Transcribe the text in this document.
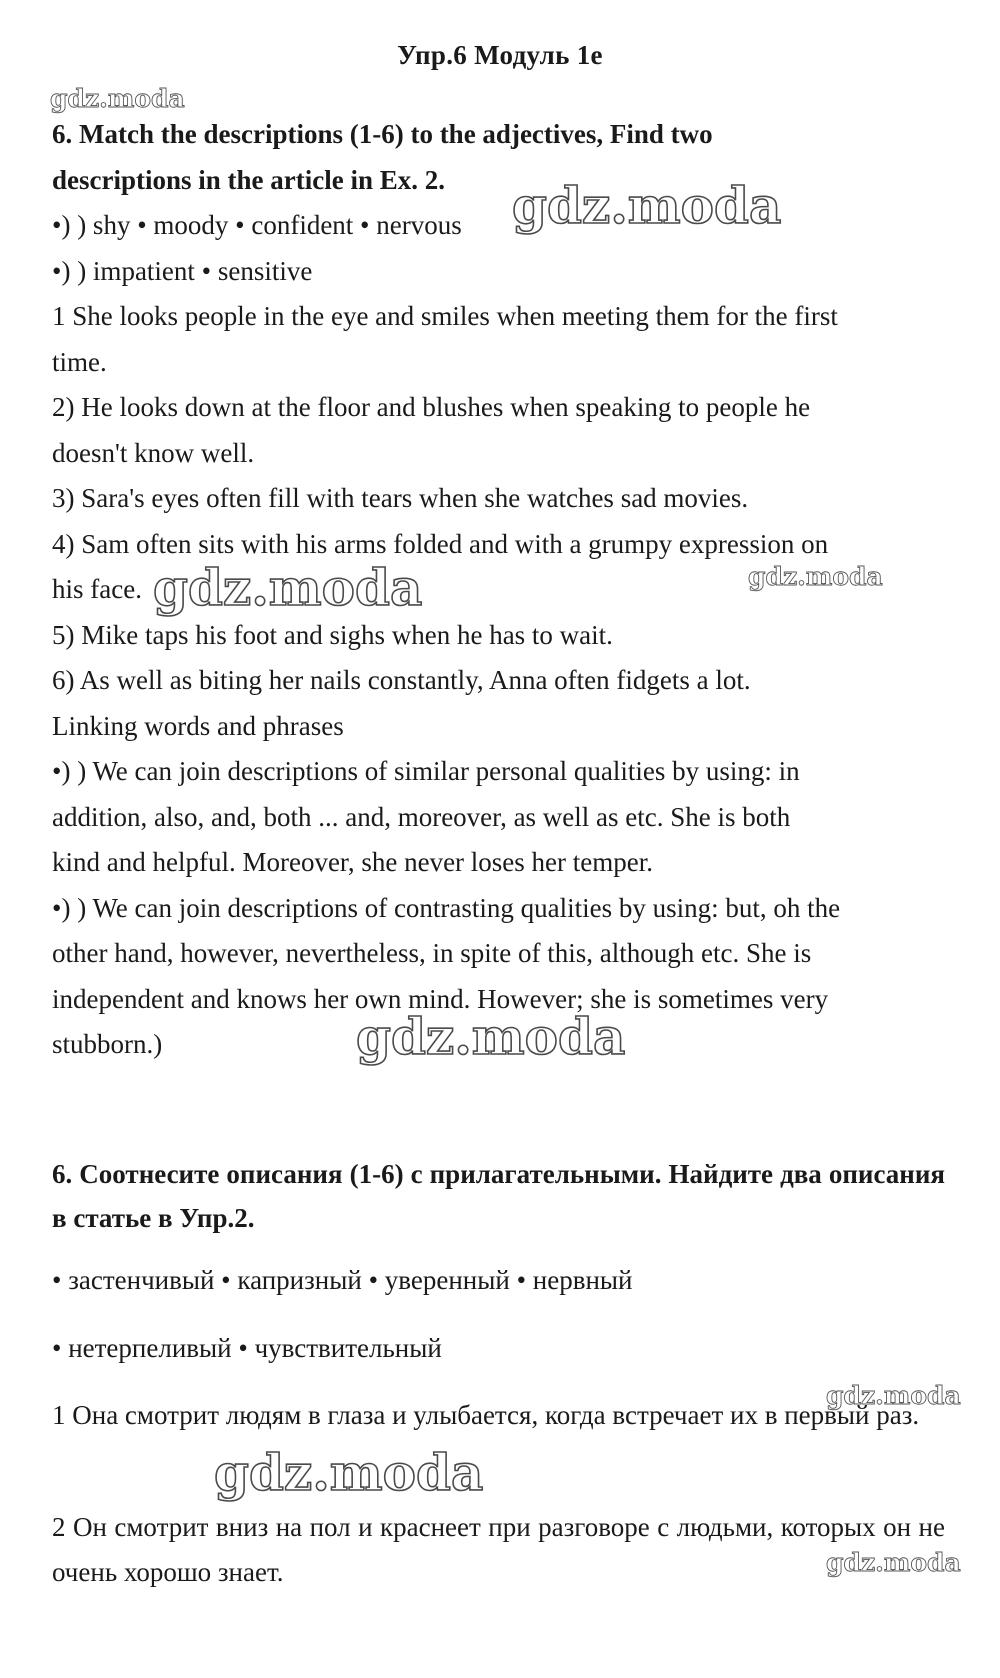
Упр.6 Модуль 1е

6. Match the descriptions (1-6) to the adjectives, Find two

descriptions in the article in Ex. 2.

•) ) shy • moody • confident • nervous

•) ) impatient • sensitive

1 She looks people in the eye and smiles when meeting them for the first

time.

2) He looks down at the floor and blushes when speaking to people he

doesn't know well.

3) Sara's eyes often fill with tears when she watches sad movies.

4) Sam often sits with his arms folded and with a grumpy expression on

his face.

5) Mike taps his foot and sighs when he has to wait.

6) As well as biting her nails constantly, Anna often fidgets a lot.

Linking words and phrases

•) ) We can join descriptions of similar personal qualities by using: in

addition, also, and, both ... and, moreover, as well as etc. She is both

kind and helpful. Moreover, she never loses her temper.

•) ) We can join descriptions of contrasting qualities by using: but, oh the

other hand, however, nevertheless, in spite of this, although etc. She is

independent and knows her own mind. However; she is sometimes very

stubborn.)

6. Соотнесите описания (1-6) с прилагательными. Найдите два описания в статье в Упр.2.
• застенчивый • капризный • уверенный • нервный
• нетерпеливый • чувствительный
1 Она смотрит людям в глаза и улыбается, когда встречает их в первый раз.
2 Он смотрит вниз на пол и краснеет при разговоре с людьми, которых он не очень хорошо знает.
gdz.moda
gdz.moda
gdz.moda	gdz.moda
gdz.moda
gdz.moda
gdz.moda
gdz.moda
